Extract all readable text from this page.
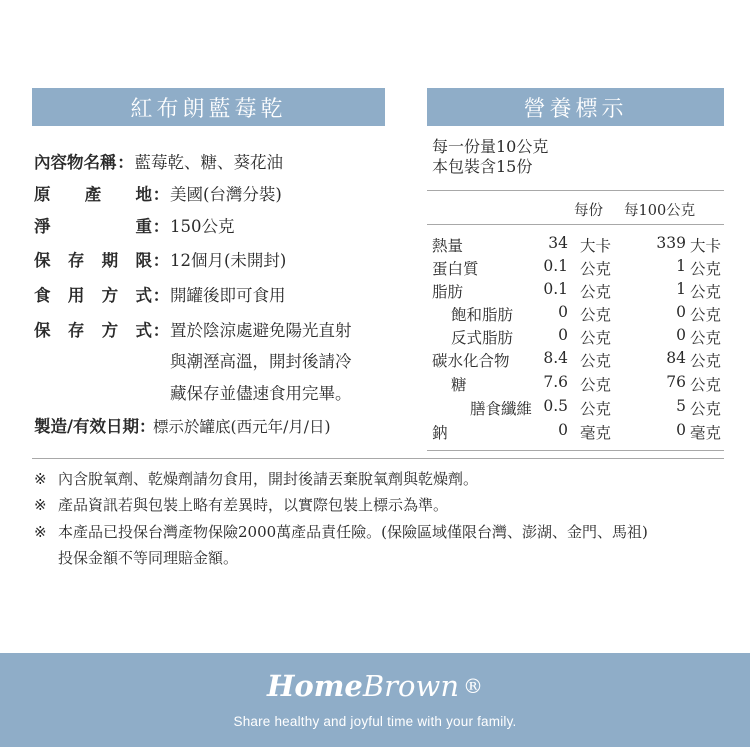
紅布朗藍莓乾
內容物名稱：藍莓乾、糖、葵花油
原產地：美國(台灣分裝)
淨重：150公克
保存期限：12個月(未開封)
食用方式：開罐後即可食用
保存方式：置於陰涼處避免陽光直射
與潮溼高溫，開封後請冷
藏保存並儘速食用完畢。
製造/有效日期：標示於罐底(西元年/月/日)
營養標示
每一份量10公克
本包裝含15份
每份 每100公克
熱量	34 大卡	339 大卡
蛋白質	0.1 公克	1 公克
脂肪	0.1 公克	1 公克
飽和脂肪	0 公克	0 公克
反式脂肪	0 公克	0 公克
碳水化合物 8.4 公克	84 公克
糖	7.6 公克	76 公克
膳食纖維 0.5 公克	5 公克
鈉	0 毫克	0 毫克
※ 內含脫氧劑、乾燥劑請勿食用，開封後請丟棄脫氧劑與乾燥劑。
※ 產品資訊若與包裝上略有差異時，以實際包裝上標示為準。
※ 本產品已投保台灣產物保險2000萬產品責任險。(保險區域僅限台灣、澎湖、金門、馬祖)
投保金額不等同理賠金額。
HomeBrown ®
Share healthy and joyful time with your family.
